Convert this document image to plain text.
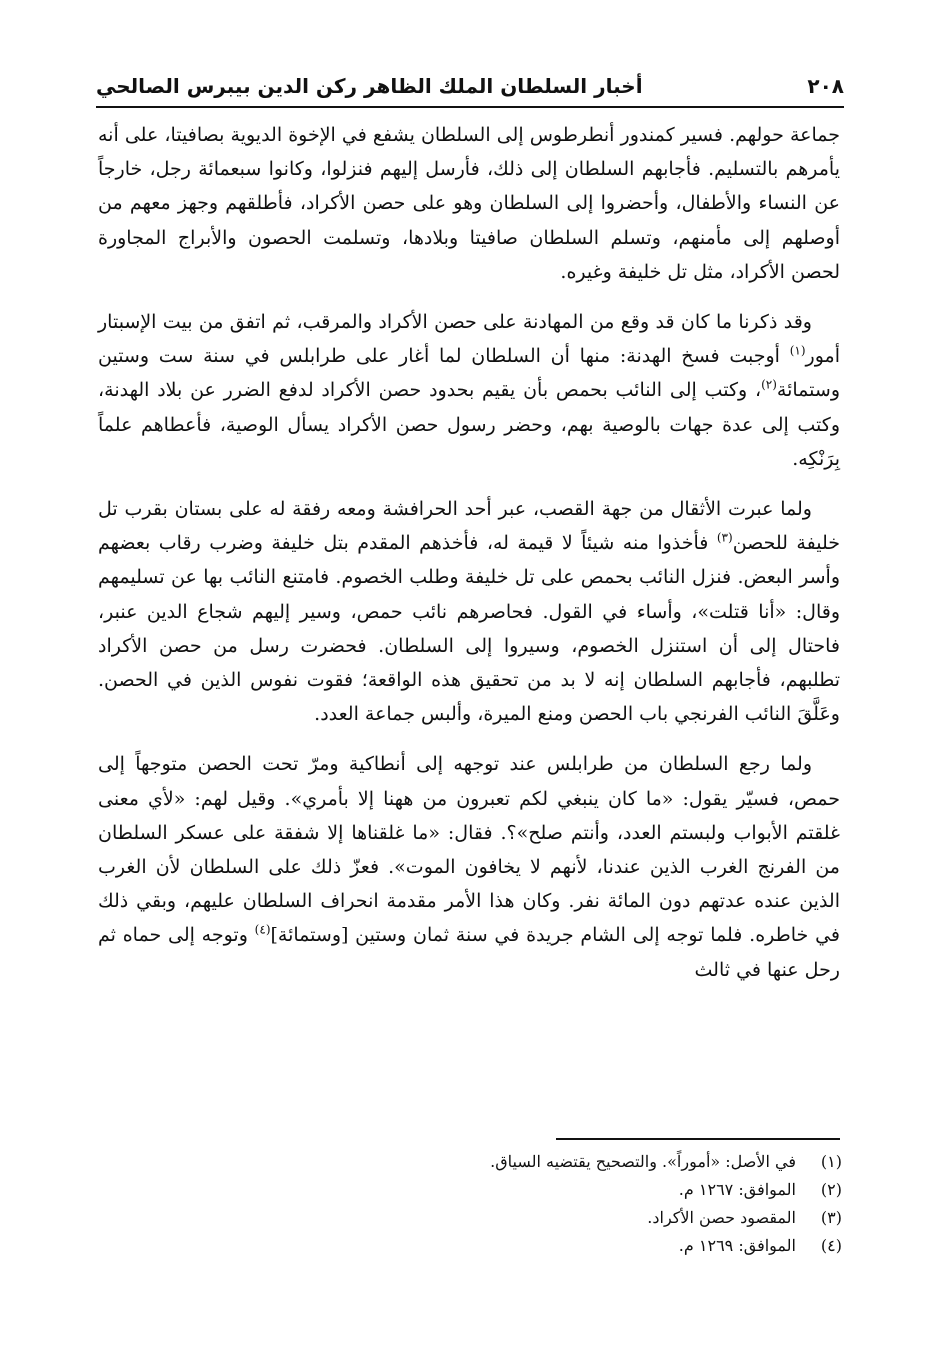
٢٠٨
أخبار السلطان الملك الظاهر ركن الدين بيبرس الصالحي

جماعة حولهم. فسير كمندور أنطرطوس إلى السلطان يشفع في الإخوة الديوية بصافيتا، على أنه يأمرهم بالتسليم. فأجابهم السلطان إلى ذلك، فأرسل إليهم فنزلوا، وكانوا سبعمائة رجل، خارجاً عن النساء والأطفال، وأحضروا إلى السلطان وهو على حصن الأكراد، فأطلقهم وجهز معهم من أوصلهم إلى مأمنهم، وتسلم السلطان صافيتا وبلادها، وتسلمت الحصون والأبراج المجاورة لحصن الأكراد، مثل تل خليفة وغيره.

وقد ذكرنا ما كان قد وقع من المهادنة على حصن الأكراد والمرقب، ثم اتفق من بيت الإسبتار أمور$^{(١)}$ أوجبت فسخ الهدنة: منها أن السلطان لما أغار على طرابلس في سنة ست وستين وستمائة$^{(٢)}$، وكتب إلى النائب بحمص بأن يقيم بحدود حصن الأكراد لدفع الضرر عن بلاد الهدنة، وكتب إلى عدة جهات بالوصية بهم، وحضر رسول حصن الأكراد يسأل الوصية، فأعطاهم علماً بِرَنْكِه.

ولما عبرت الأثقال من جهة القصب، عبر أحد الحرافشة ومعه رفقة له على بستان بقرب تل خليفة للحصن$^{(٣)}$ فأخذوا منه شيئاً لا قيمة له، فأخذهم المقدم بتل خليفة وضرب رقاب بعضهم وأسر البعض. فنزل النائب بحمص على تل خليفة وطلب الخصوم. فامتنع النائب بها عن تسليمهم وقال: «أنا قتلت»، وأساء في القول. فحاصرهم نائب حمص، وسير إليهم شجاع الدين عنبر، فاحتال إلى أن استنزل الخصوم، وسيروا إلى السلطان. فحضرت رسل من حصن الأكراد تطلبهم، فأجابهم السلطان إنه لا بد من تحقيق هذه الواقعة؛ فقوت نفوس الذين في الحصن. وعَلَّقَ النائب الفرنجي باب الحصن ومنع الميرة، وألبس جماعة العدد.

ولما رجع السلطان من طرابلس عند توجهه إلى أنطاكية ومرّ تحت الحصن متوجهاً إلى حمص، فسيّر يقول: «ما كان ينبغي لكم تعبرون من ههنا إلا بأمري». وقيل لهم: «لأي معنى غلقتم الأبواب ولبستم العدد، وأنتم صلح»؟. فقال: «ما غلقناها إلا شفقة على عسكر السلطان من الفرنج الغرب الذين عندنا، لأنهم لا يخافون الموت». فعزّ ذلك على السلطان لأن الغرب الذين عنده عدتهم دون المائة نفر. وكان هذا الأمر مقدمة انحراف السلطان عليهم، وبقي ذلك في خاطره. فلما توجه إلى الشام جريدة في سنة ثمان وستين [وستمائة]$^{(٤)}$ وتوجه إلى حماه ثم رحل عنها في ثالث

(١)
في الأصل: «أموراً». والتصحيح يقتضيه السياق.
(٢)
الموافق: ١٢٦٧ م.
(٣)
المقصود حصن الأكراد.
(٤)
الموافق: ١٢٦٩ م.
